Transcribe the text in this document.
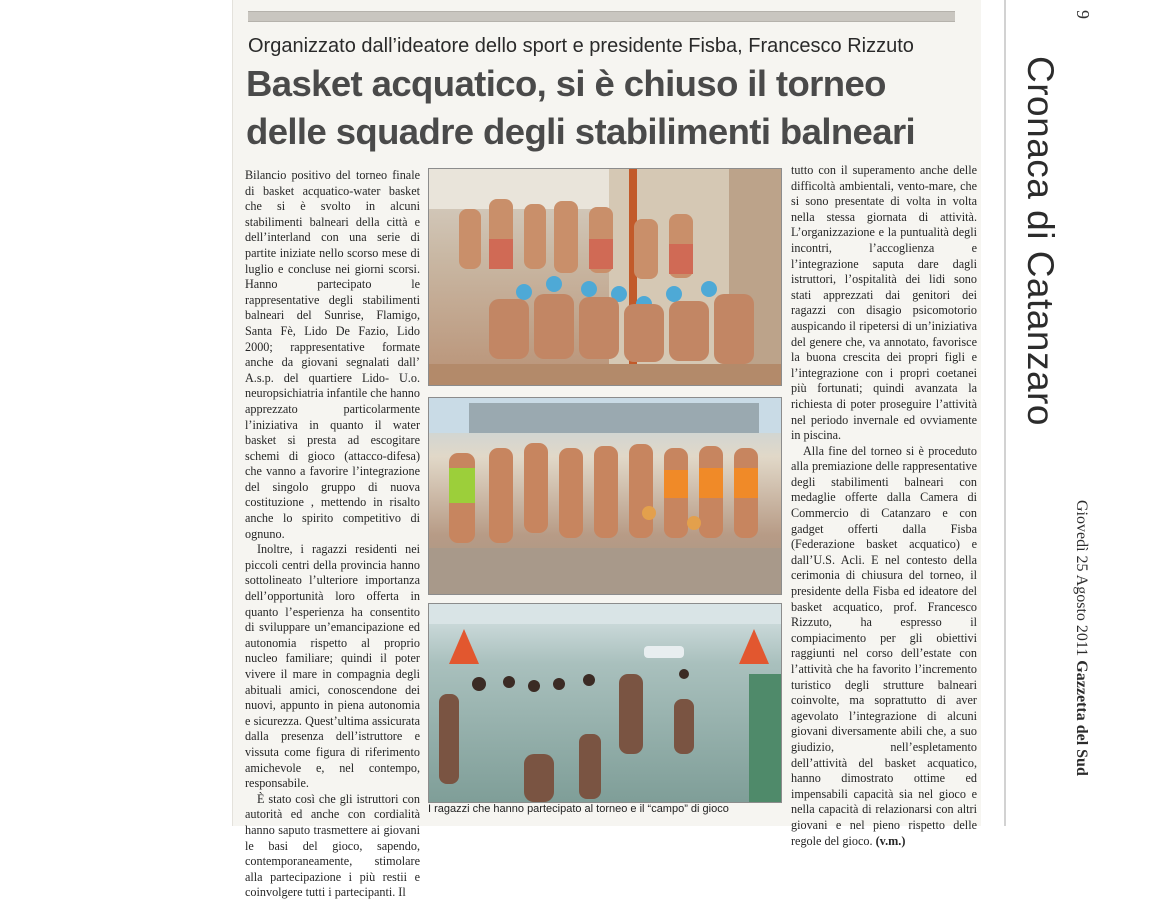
Organizzato dall’ideatore dello sport e presidente Fisba, Francesco Rizzuto
Basket acquatico, si è chiuso il torneo
delle squadre degli stabilimenti balneari

Bilancio positivo del torneo finale di basket acquatico-water basket che si è svolto in alcuni stabilimenti balneari della città e dell’interland con una serie di partite iniziate nello scorso mese di luglio e concluse nei giorni scorsi. Hanno partecipato le rappresentative degli stabilimenti balneari del Sunrise, Flamigo, Santa Fè, Lido De Fazio, Lido 2000; rappresentative formate anche da giovani segnalati dall’ A.s.p. del quartiere Lido- U.o. neuropsichiatria infantile che hanno apprezzato particolarmente l’iniziativa in quanto il water basket si presta ad escogitare schemi di gioco (attacco-difesa) che vanno a favorire l’integrazione del singolo gruppo di nuova costituzione , mettendo in risalto anche lo spirito competitivo di ognuno.

Inoltre, i ragazzi residenti nei piccoli centri della provincia hanno sottolineato l’ulteriore importanza dell’opportunità loro offerta in quanto l’esperienza ha consentito di sviluppare un’emancipazione ed autonomia rispetto al proprio nucleo familiare; quindi il poter vivere il mare in compagnia degli abituali amici, conoscendone dei nuovi, appunto in piena autonomia e sicurezza. Quest’ultima assicurata dalla presenza dell’istruttore e vissuta come figura di riferimento amichevole e, nel contempo, responsabile.

È stato così che gli istruttori con autorità ed anche con cordialità hanno saputo trasmettere ai giovani le basi del gioco, sapendo, contemporaneamente, stimolare alla partecipazione i più restii e coinvolgere tutti i partecipanti. Il

I ragazzi che hanno partecipato al torneo e il “campo” di gioco

tutto con il superamento anche delle difficoltà ambientali, vento-mare, che si sono presentate di volta in volta nella stessa giornata di attività. L’organizzazione e la puntualità degli incontri, l’accoglienza e l’integrazione saputa dare dagli istruttori, l’ospitalità dei lidi sono stati apprezzati dai genitori dei ragazzi con disagio psicomotorio auspicando il ripetersi di un’iniziativa del genere che, va annotato, favorisce la buona crescita dei propri figli e l’integrazione con i propri coetanei più fortunati; quindi avanzata la richiesta di poter proseguire l’attività nel periodo invernale ed ovviamente in piscina.

Alla fine del torneo si è proceduto alla premiazione delle rappresentative degli stabilimenti balneari con medaglie offerte dalla Camera di Commercio di Catanzaro e con gadget offerti dalla Fisba (Federazione basket acquatico) e dall’U.S. Acli. E nel contesto della cerimonia di chiusura del torneo, il presidente della Fisba ed ideatore del basket acquatico, prof. Francesco Rizzuto, ha espresso il compiacimento per gli obiettivi raggiunti nel corso dell’estate con l’attività che ha favorito l’incremento turistico degli strutture balneari coinvolte, ma soprattutto di aver agevolato l’integrazione di alcuni giovani diversamente abili che, a suo giudizio, nell’espletamento dell’attività del basket acquatico, hanno dimostrato ottime ed impensabili capacità sia nel gioco e nella capacità di relazionarsi con altri giovani e nel pieno rispetto delle regole del gioco. (v.m.)

Cronaca di Catanzaro
9
Giovedì 25 Agosto 2011 Gazzetta del Sud
